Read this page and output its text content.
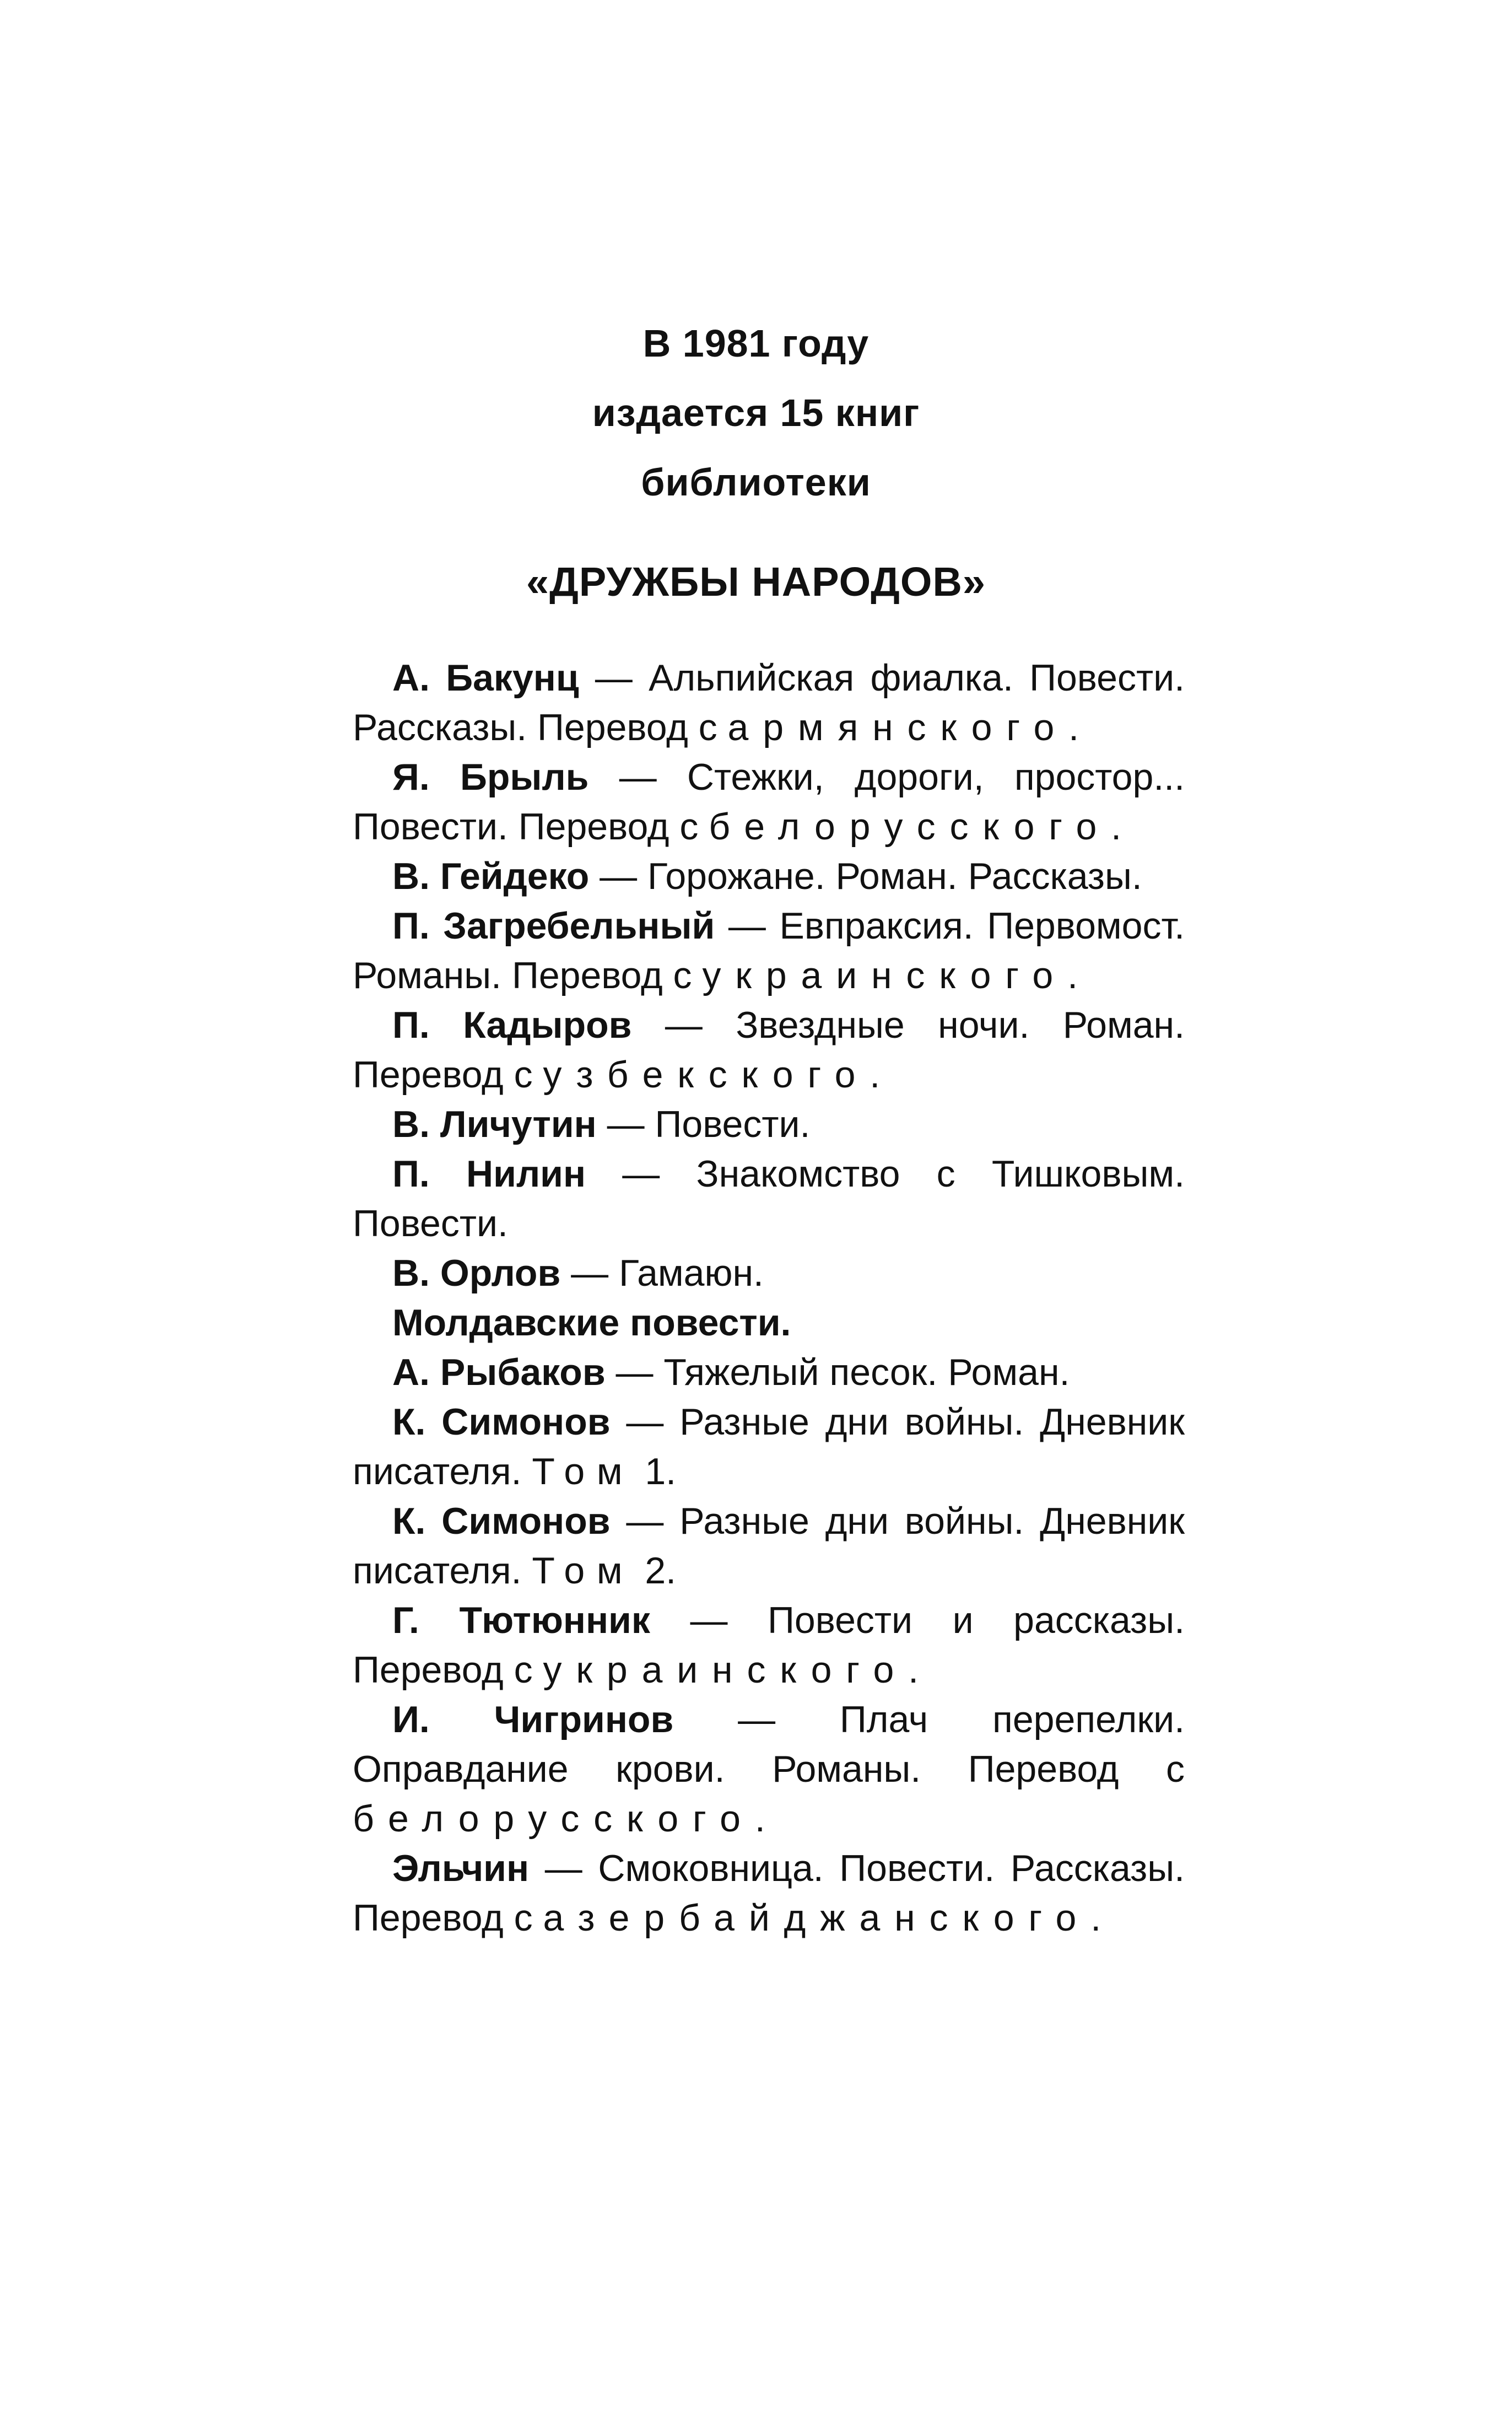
В 1981 году
издается 15 книг
библиотеки
«ДРУЖБЫ НАРОДОВ»

А. Бакунц — Альпийская фиалка. Повести. Рассказы. Перевод с армянского.

Я. Брыль — Стежки, дороги, простор... Повести. Перевод с белорусского.

В. Гейдеко — Горожане. Роман. Рассказы.

П. Загребельный — Евпраксия. Первомост. Романы. Перевод с украинского.

П. Кадыров — Звездные ночи. Роман. Перевод с узбекского.

В. Личутин — Повести.

П. Нилин — Знакомство с Тишковым. Повести.

В. Орлов — Гамаюн.

Молдавские повести.

А. Рыбаков — Тяжелый песок. Роман.

К. Симонов — Разные дни войны. Дневник писателя. Том 1.

К. Симонов — Разные дни войны. Дневник писателя. Том 2.

Г. Тютюнник — Повести и рассказы. Перевод с украинского.

И. Чигринов — Плач перепелки. Оправдание крови. Романы. Перевод с белорусского.

Эльчин — Смоковница. Повести. Рассказы. Перевод с азербайджанского.
